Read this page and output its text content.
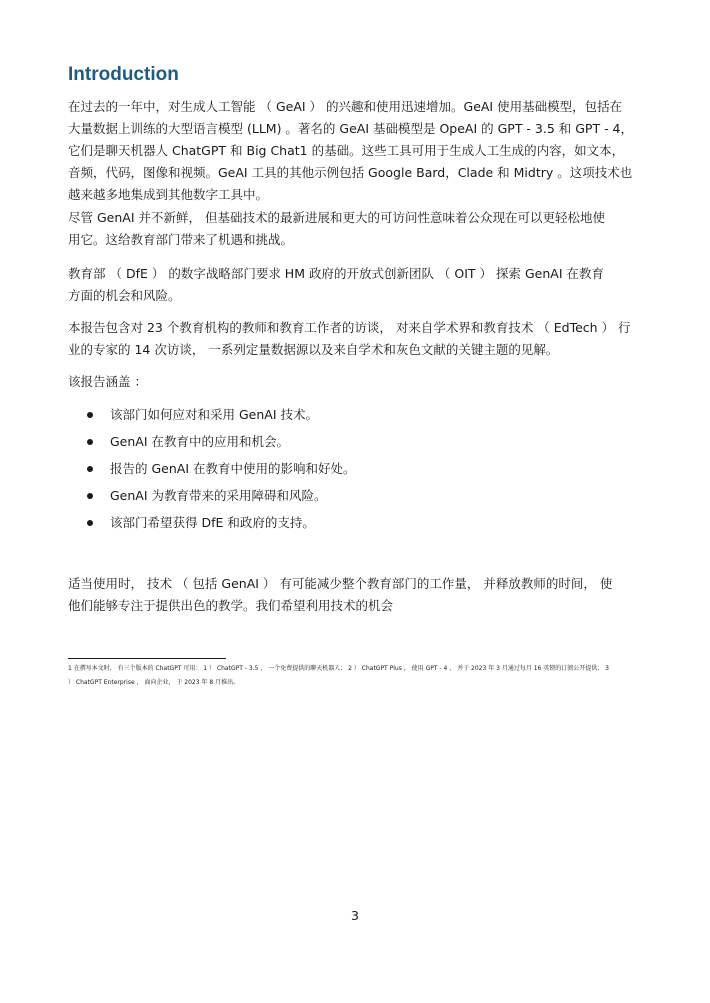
Introduction

在过去的一年中，对生成人工智能 （ GeAI ） 的兴趣和使用迅速增加。GeAI 使用基础模型，包括在
大量数据上训练的大型语言模型 (LLM) 。著名的 GeAI 基础模型是 OpeAI 的 GPT - 3.5 和 GPT - 4，
它们是聊天机器人 ChatGPT 和 Big Chat1 的基础。这些工具可用于生成人工生成的内容，如文本，
音频，代码，图像和视频。GeAI 工具的其他示例包括 Google Bard，Clade 和 Midtry 。这项技术也
越来越多地集成到其他数字工具中。

尽管 GenAI 并不新鲜， 但基础技术的最新进展和更大的可访问性意味着公众现在可以更轻松地使
用它。这给教育部门带来了机遇和挑战。

教育部 （ DfE ） 的数字战略部门要求 HM 政府的开放式创新团队 （ OIT ） 探索 GenAI 在教育
方面的机会和风险。

本报告包含对 23 个教育机构的教师和教育工作者的访谈， 对来自学术界和教育技术 （ EdTech ） 行
业的专家的 14 次访谈， 一系列定量数据源以及来自学术和灰色文献的关键主题的见解。

该报告涵盖 ：

该部门如何应对和采用 GenAI 技术。
GenAI 在教育中的应用和机会。
报告的 GenAI 在教育中使用的影响和好处。
GenAI 为教育带来的采用障碍和风险。
该部门希望获得 DfE 和政府的支持。

适当使用时， 技术 （ 包括 GenAI ） 有可能减少整个教育部门的工作量， 并释放教师的时间， 使
他们能够专注于提供出色的教学。我们希望利用技术的机会

1 在撰写本文时， 有三个版本的 ChatGPT 可用： 1 ） ChatGPT - 3.5 ， 一个免费提供的聊天机器人； 2 ） ChatGPT Plus ， 使用 GPT - 4 ， 并于 2023 年 3 月通过每月 16 英镑的订阅公开提供； 3
） ChatGPT Enterprise ， 面向企业， 于 2023 年 8 月推出。
3
